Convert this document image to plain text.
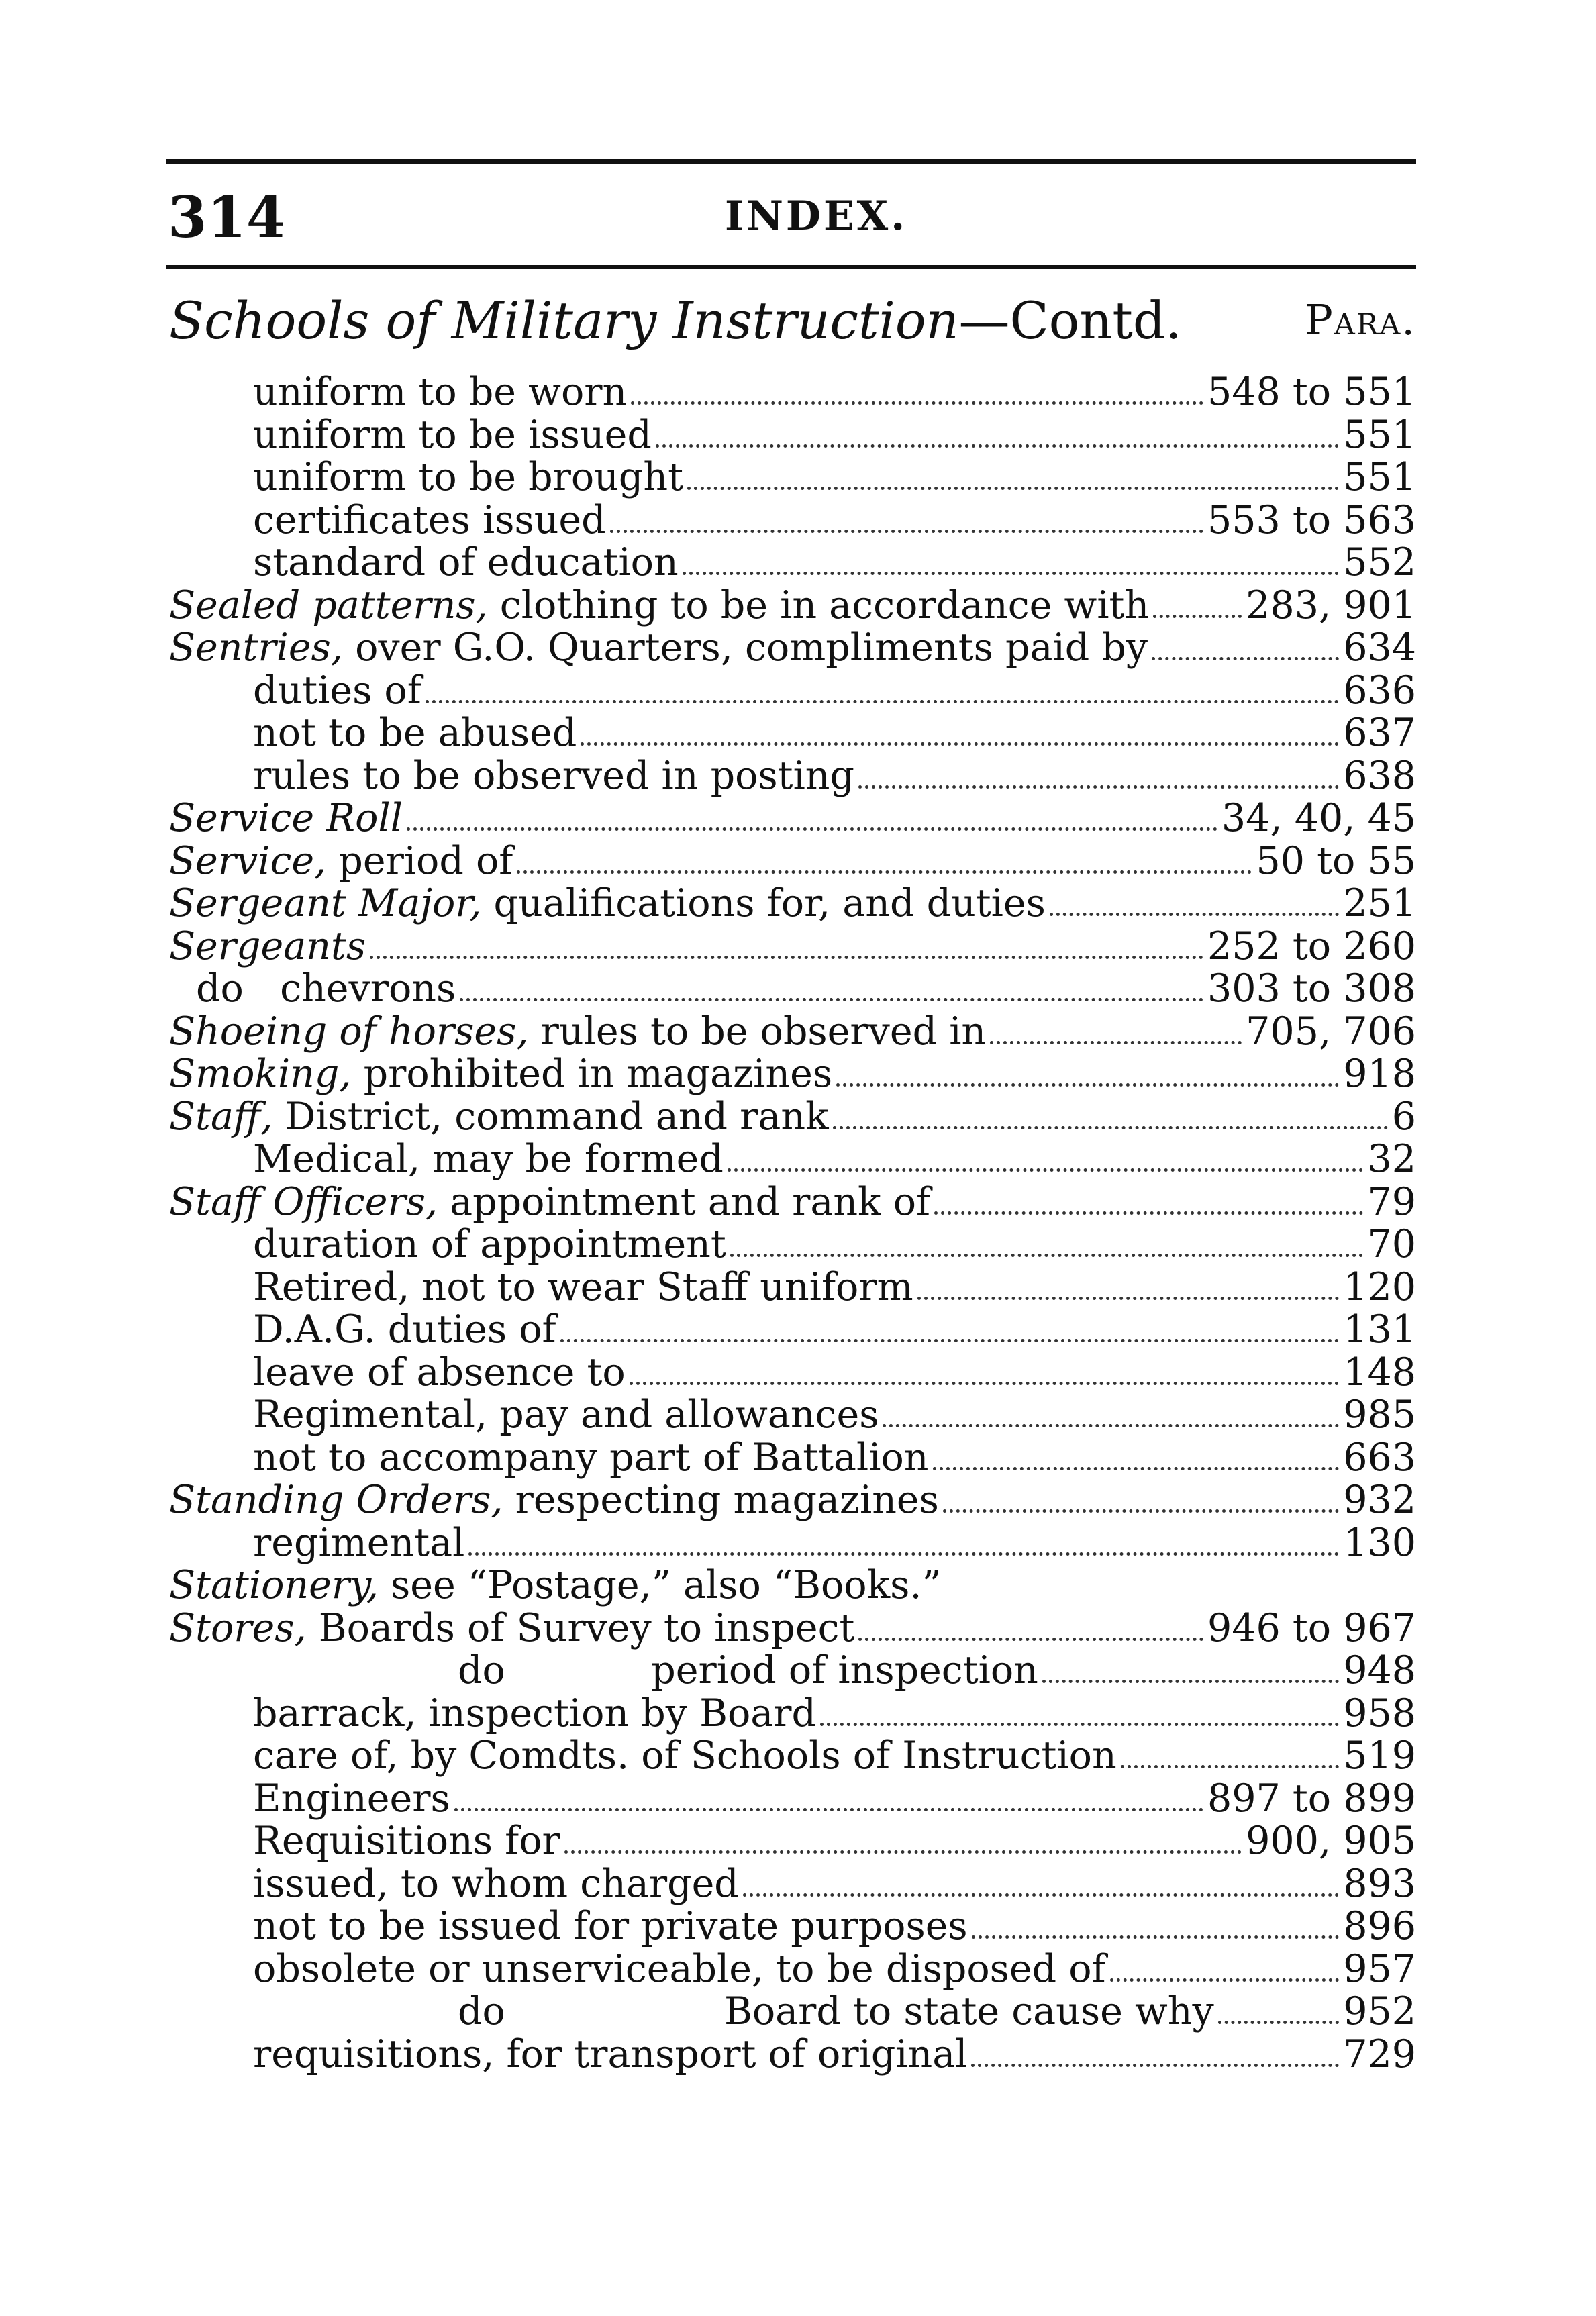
314	INDEX.
Schools of Military Instruction—Contd.	Para.
uniform to be worn	548 to 551
uniform to be issued	551
uniform to be brought	551
certificates issued	553 to 563
standard of education	552
Sealed patterns, clothing to be in accordance with	283, 901
Sentries, over G.O. Quarters, compliments paid by	634
duties of	636
not to be abused	637
rules to be observed in posting	638
Service Roll	34, 40, 45
Service, period of	50 to 55
Sergeant Major, qualifications for, and duties	251
Sergeants	252 to 260
do   chevrons	303 to 308
Shoeing of horses, rules to be observed in	705, 706
Smoking, prohibited in magazines	918
Staff, District, command and rank	6
Medical, may be formed	32
Staff Officers, appointment and rank of	79
duration of appointment	70
Retired, not to wear Staff uniform	120
D.A.G. duties of	131
leave of absence to	148
Regimental, pay and allowances	985
not to accompany part of Battalion	663
Standing Orders, respecting magazines	932
regimental	130
Stationery, see “Postage,” also “Books.”
Stores, Boards of Survey to inspect	946 to 967
do            period of inspection	948
barrack, inspection by Board	958
care of, by Comdts. of Schools of Instruction	519
Engineers	897 to 899
Requisitions for	900, 905
issued, to whom charged	893
not to be issued for private purposes	896
obsolete or unserviceable, to be disposed of	957
do                  Board to state cause why	952
requisitions, for transport of original	729
